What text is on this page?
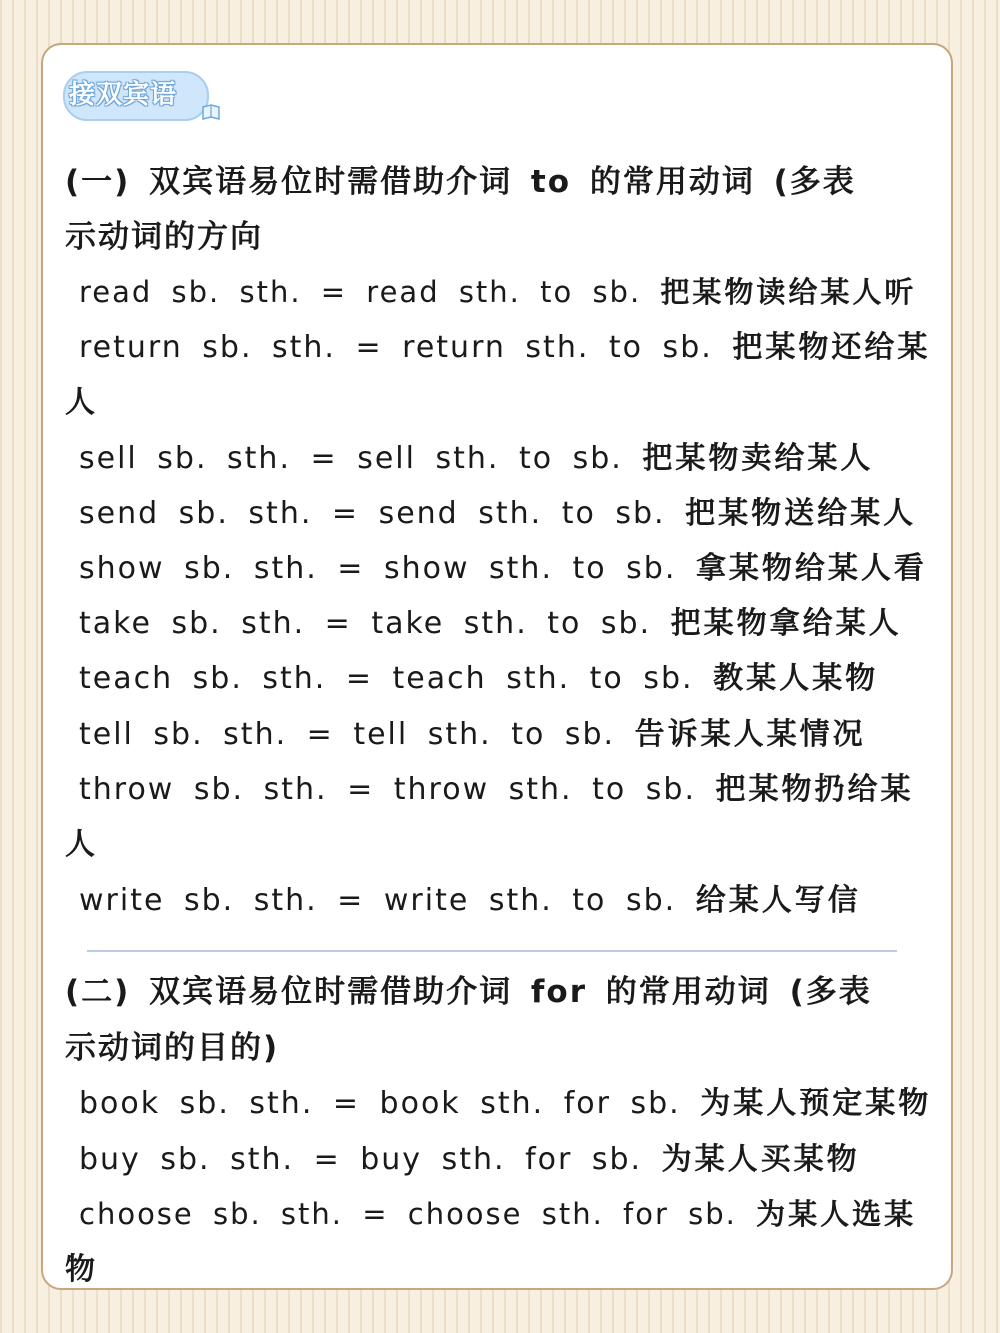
接双宾语
(一) 双宾语易位时需借助介词 to 的常用动词 (多表
示动词的方向
read sb. sth. = read sth. to sb. 把某物读给某人听
return sb. sth. = return sth. to sb. 把某物还给某
人
sell sb. sth. = sell sth. to sb. 把某物卖给某人
send sb. sth. = send sth. to sb. 把某物送给某人
show sb. sth. = show sth. to sb. 拿某物给某人看
take sb. sth. = take sth. to sb. 把某物拿给某人
teach sb. sth. = teach sth. to sb. 教某人某物
tell sb. sth. = tell sth. to sb. 告诉某人某情况
throw sb. sth. = throw sth. to sb. 把某物扔给某
人
write sb. sth. = write sth. to sb. 给某人写信
(二) 双宾语易位时需借助介词 for 的常用动词 (多表
示动词的目的)
book sb. sth. = book sth. for sb. 为某人预定某物
buy sb. sth. = buy sth. for sb. 为某人买某物
choose sb. sth. = choose sth. for sb. 为某人选某
物
